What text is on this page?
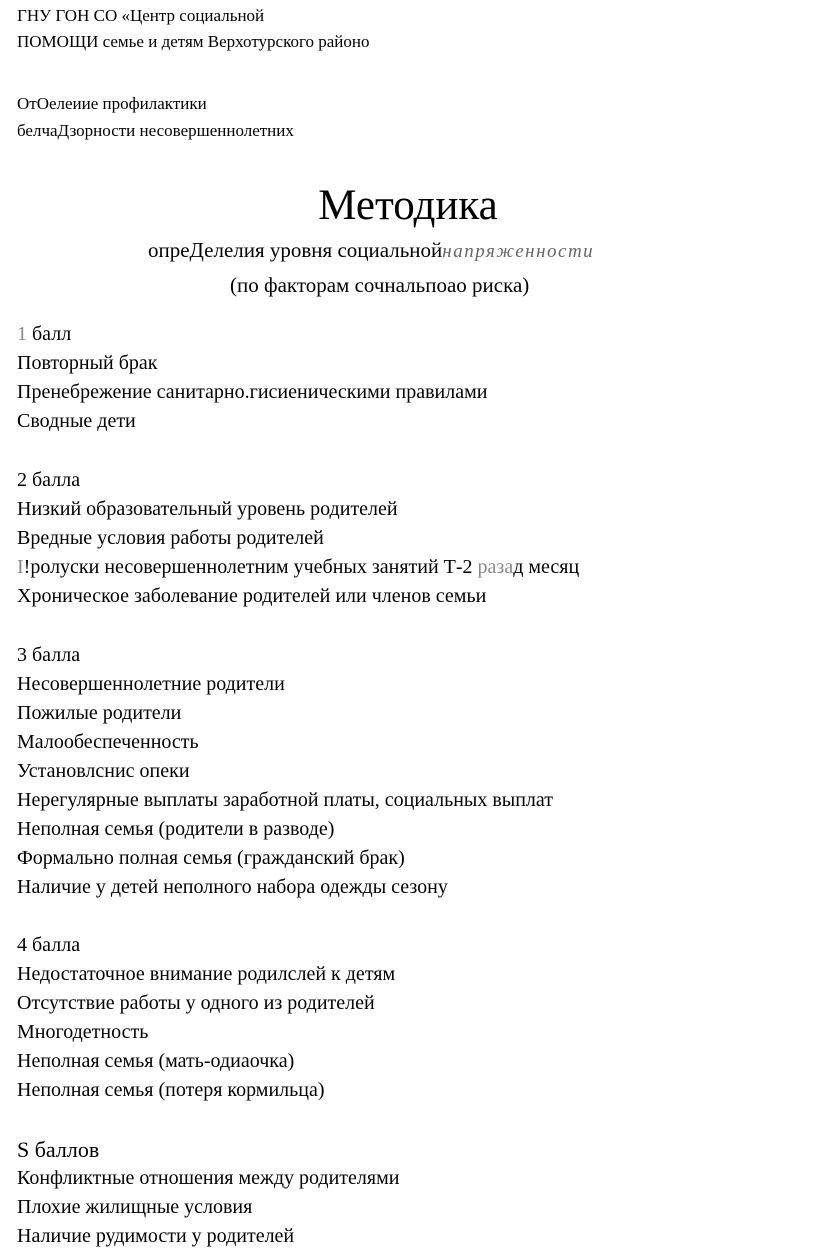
ГНУ ГОН СО «Центр социальной
ПОМОЩИ семье и детям Верхотурского районо
ОтОелеиие профилактики
белчаДзорности несовершеннолетних
Методика
опреДелелия уровня социальнойнапряженности
(по факторам сочнальпоао риска)
1 балл
Повторный брак
Пренебрежение санитарно.гисиеническими правилами
Сводные дети
2 балла
Низкий образовательный уровень родителей
Вредные условия работы родителей
I!ролуски несовершеннолетним учебных занятий Т-2 разад месяц
Хроническое заболевание родителей или членов семьи
3 балла
Несовершеннолетние родители
Пожилые родители
Малообеспеченность
Установлснис опеки
Нерегулярные выплаты заработной платы, социальных выплат
Неполная семья (родители в разводе)
Формально полная семья (гражданский брак)
Наличие у детей неполного набора одежды сезону
4 балла
Недостаточное внимание родилслей к детям
Отсутствие работы у одного из родителей
Многодетность
Неполная семья (мать-одиаочка)
Неполная семья (потеря кормильца)
S баллов
Конфликтные отношения между родителями
Плохие жилищные условия
Наличие рудимости у родителей
